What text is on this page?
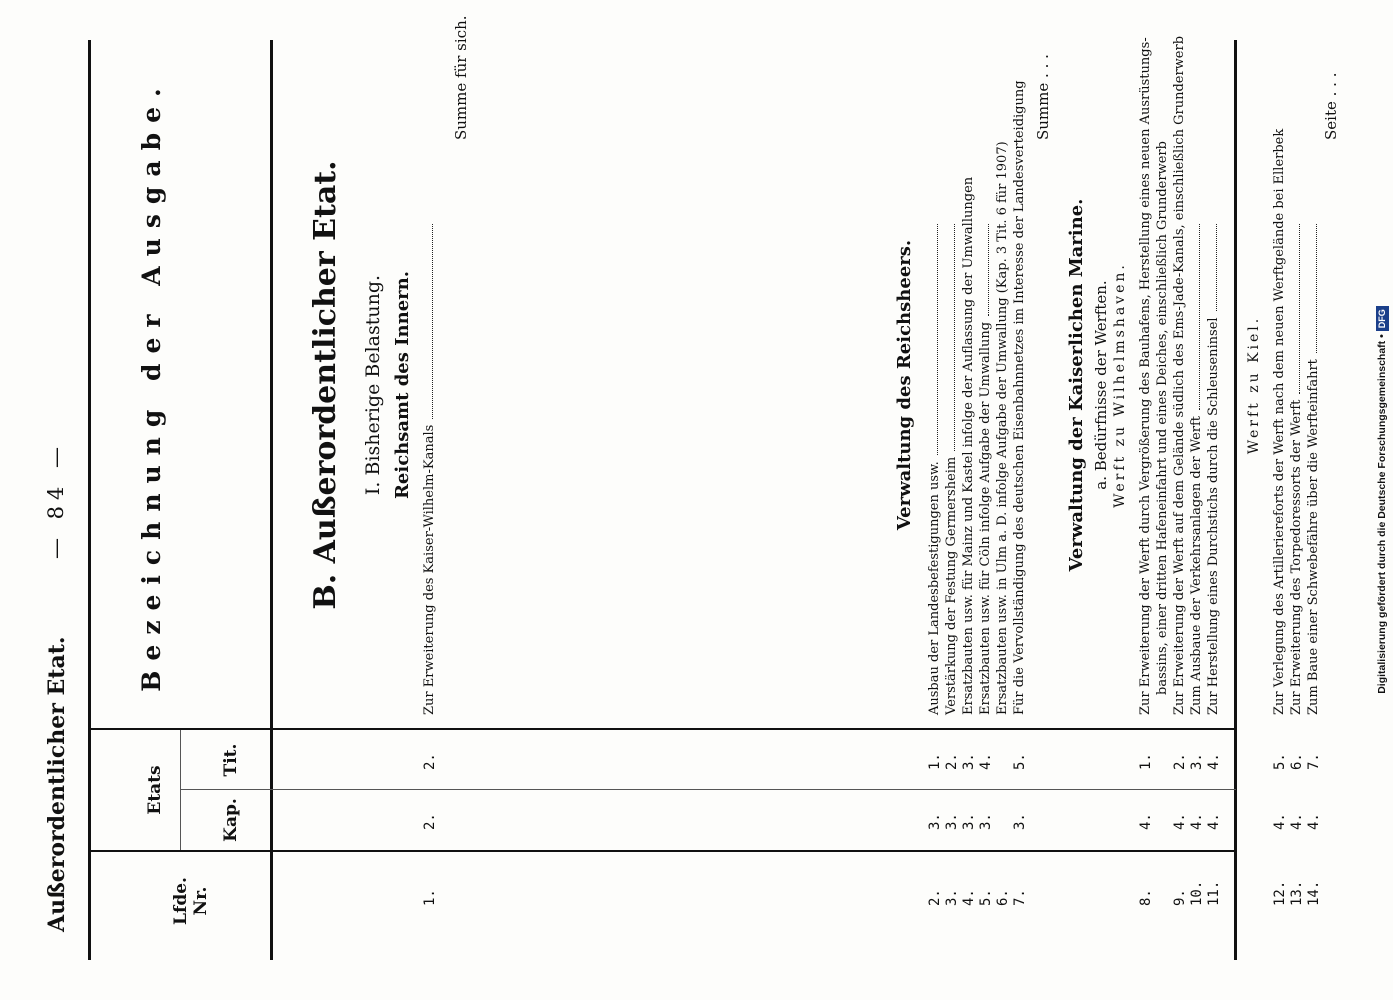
Außerordentlicher Etat.
— 84 —
Lfde. Nr.
Etats
Kap.
Tit.
Bezeichnung der Ausgabe.	B. Außerordentlicher Etat. I. Bisherige Belastung. Reichsamt des Innern.
1.
2.
2.
Zur Erweiterung des Kaiser-Wilhelm-Kanals
Summe für sich.
Verwaltung des Reichsheers.
2.
3.
1.
Ausbau der Landesbefestigungen usw.
3.
3.
2.
Verstärkung der Festung Germersheim
4.
3.
3.
Ersatzbauten usw. für Mainz und Kastel infolge der Auflassung der Umwallungen
5.
3.
4.
Ersatzbauten usw. für Cöln infolge Aufgabe der Umwallung
6.
Ersatzbauten usw. in Ulm a. D. infolge Aufgabe der Umwallung (Kap. 3 Tit. 6 für 1907)
7.
3.
5.
Für die Vervollständigung des deutschen Eisenbahnnetzes im Interesse der Landesverteidigung Summe . . .
Verwaltung der Kaiserlichen Marine. a. Bedürfnisse der Werften. Werft zu Wilhelmshaven.
8.
4.
1.
Zur Erweiterung der Werft durch Vergrößerung des Bauhafens, Herstellung eines neuen Ausrüstungs- bassins, einer dritten Hafeneinfahrt und eines Deiches, einschließlich Grunderwerb
9.
4.
2.
Zur Erweiterung der Werft auf dem Gelände südlich des Ems-Jade-Kanals, einschließlich Grunderwerb
10.
4.
3.
Zum Ausbaue der Verkehrsanlagen der Werft
11.
4.
4.
Zur Herstellung eines Durchstichs durch die Schleuseninsel Werft zu Kiel.
12.
4.
5.
Zur Verlegung des Artilleriereforts der Werft nach dem neuen Werftgelände bei Ellerbek
13.
4.
6.
Zur Erweiterung des Torpedoressorts der Werft
14.
4.
7.
Zum Baue einer Schwebefähre über die Werfteinfahrt
Seite . . .
Digitalisierung gefördert durch die Deutsche Forschungsgemeinschaft •DFG
